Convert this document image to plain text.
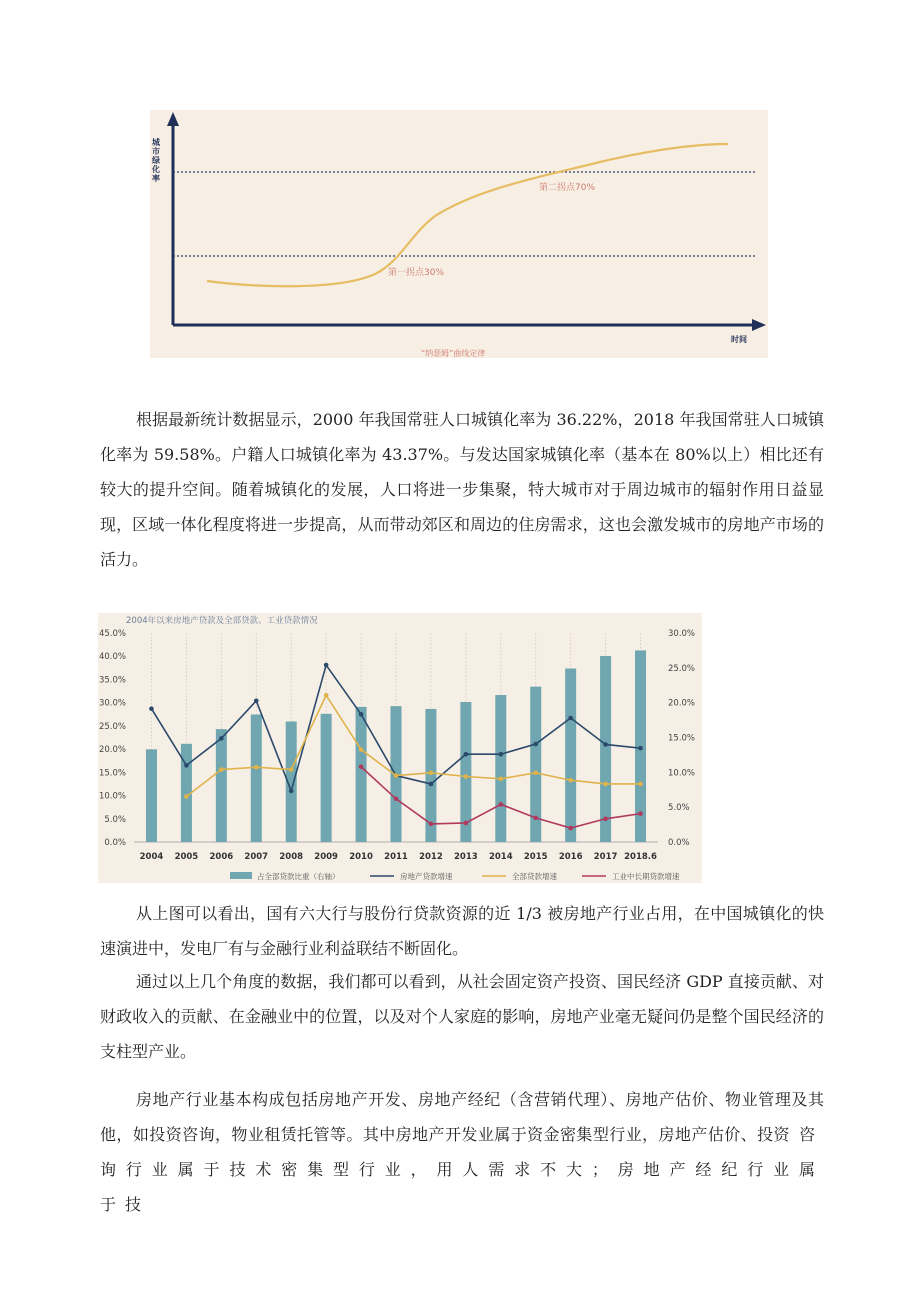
城市绿化率
时间
第一拐点30%
第二拐点70%
“纳瑟姆”曲线定律

根据最新统计数据显示，2000 年我国常驻人口城镇化率为 36.22%，2018 年我国常驻人口城镇化率为 59.58%。户籍人口城镇化率为 43.37%。与发达国家城镇化率（基本在 80%以上）相比还有较大的提升空间。随着城镇化的发展，人口将进一步集聚，特大城市对于周边城市的辐射作用日益显现，区域一体化程度将进一步提高，从而带动郊区和周边的住房需求，这也会激发城市的房地产市场的活力。

0.0%
5.0%
10.0%
15.0%
20.0%
25.0%
30.0%
35.0%
40.0%
45.0%
0.0%
5.0%
10.0%
15.0%
20.0%
25.0%
30.0%
2004 2005 2006 2007 2008 2009 2010 2011 2012 2013 2014 2015 2016 2017 2018.6
2004年以来房地产贷款及全部贷款、工业贷款情况
占全部贷款比重（右轴）	房地产贷款增速	全部贷款增速	工业中长期贷款增速

从上图可以看出，国有六大行与股份行贷款资源的近 1/3 被房地产行业占用，在中国城镇化的快速演进中，发电厂有与金融行业利益联结不断固化。

通过以上几个角度的数据，我们都可以看到，从社会固定资产投资、国民经济 GDP 直接贡献、对财政收入的贡献、在金融业中的位置，以及对个人家庭的影响，房地产业毫无疑问仍是整个国民经济的支柱型产业。

房地产行业基本构成包括房地产开发、房地产经纪（含营销代理）、房地产估价、物业管理及其他，如投资咨询，物业租赁托管等。其中房地产开发业属于资金密集型行业，房地产估价、投资咨询行业属于技术密集型行业，用人需求不大；房地产经纪行业属于技
